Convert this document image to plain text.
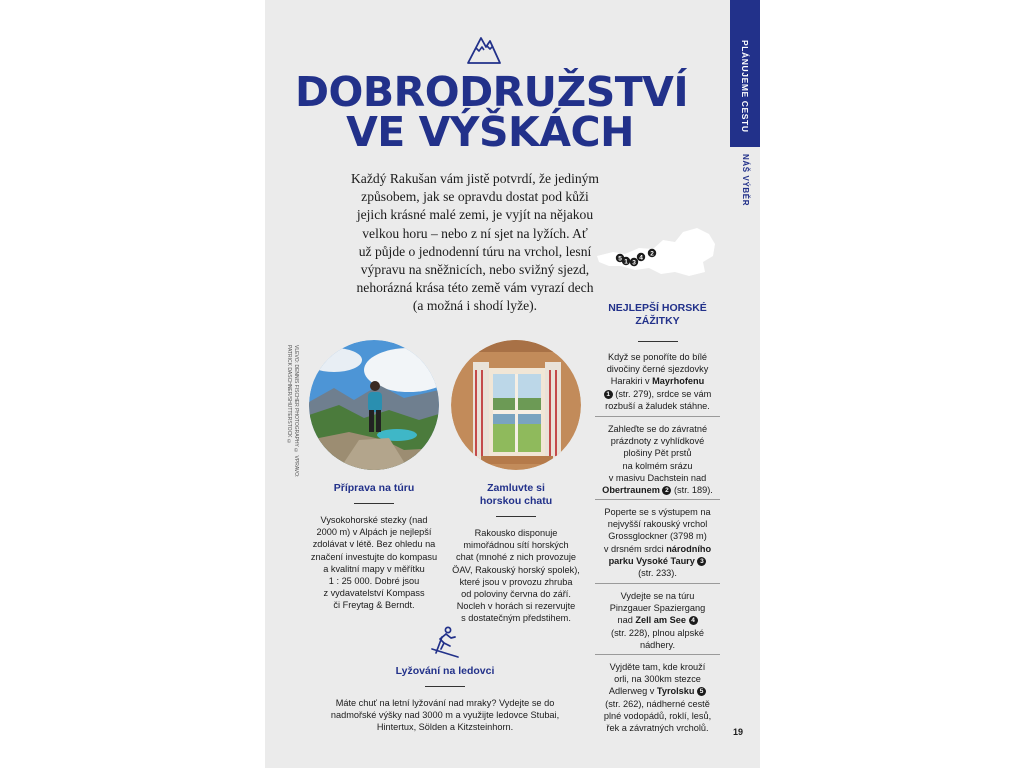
DOBRODRUŽSTVÍ
VE VÝŠKÁCH
Každý Rakušan vám jistě potvrdí, že jediným
způsobem, jak se opravdu dostat pod kůži
jejich krásné malé zemi, je vyjít na nějakou
velkou horu – nebo z ní sjet na lyžích. Ať
už půjde o jednodenní túru na vrchol, lesní
výpravu na sněžnicích, nebo svižný sjezd,
nehorázná krása této země vám vyrazí dech
(a možná i shodí lyže).
PLÁNUJEME CESTU
NÁŠ VÝBĚR
5 1 3
4
2
NEJLEPŠÍ HORSKÉ
ZÁŽITKY
Když se ponoříte do bílé
divočiny černé sjezdovky
Harakiri v Mayrhofenu
1 (str. 279), srdce se vám
rozbuší a žaludek stáhne.
Zahleďte se do závratné
prázdnoty z vyhlídkové
plošiny Pět prstů
na kolmém srázu
v masivu Dachstein nad
Obertraunem 2 (str. 189).
Poperte se s výstupem na
nejvyšší rakouský vrchol
Grossglockner (3798 m)
v drsném srdci národního
parku Vysoké Taury 3
(str. 233).
Vydejte se na túru
Pinzgauer Spaziergang
nad Zell am See 4
(str. 228), plnou alpské
nádhery.
Vyjděte tam, kde krouží
orli, na 300km stezce
Adlerweg v Tyrolsku 5
(str. 262), nádherné cestě
plné vodopádů, roklí, lesů,
řek a závratných vrcholů.
VLEVO: DENNIS FISCHER PHOTOGRAPHY © VPRAVO: PATRICK DASCHNER/SHUTTERSTOCK ©
Příprava na túru
Vysokohorské stezky (nad
2000 m) v Alpách je nejlepší
zdolávat v létě. Bez ohledu na
značení investujte do kompasu
a kvalitní mapy v měřítku
1 : 25 000. Dobré jsou
z vydavatelství Kompass
či Freytag & Berndt.
Zamluvte si
horskou chatu
Rakousko disponuje
mimořádnou sítí horských
chat (mnohé z nich provozuje
ÖAV, Rakouský horský spolek),
které jsou v provozu zhruba
od poloviny června do září.
Nocleh v horách si rezervujte
s dostatečným předstihem.
Lyžování na ledovci
Máte chuť na letní lyžování nad mraky? Vydejte se do
nadmořské výšky nad 3000 m a využijte ledovce Stubai,
Hintertux, Sölden a Kitzsteinhorn.	19
